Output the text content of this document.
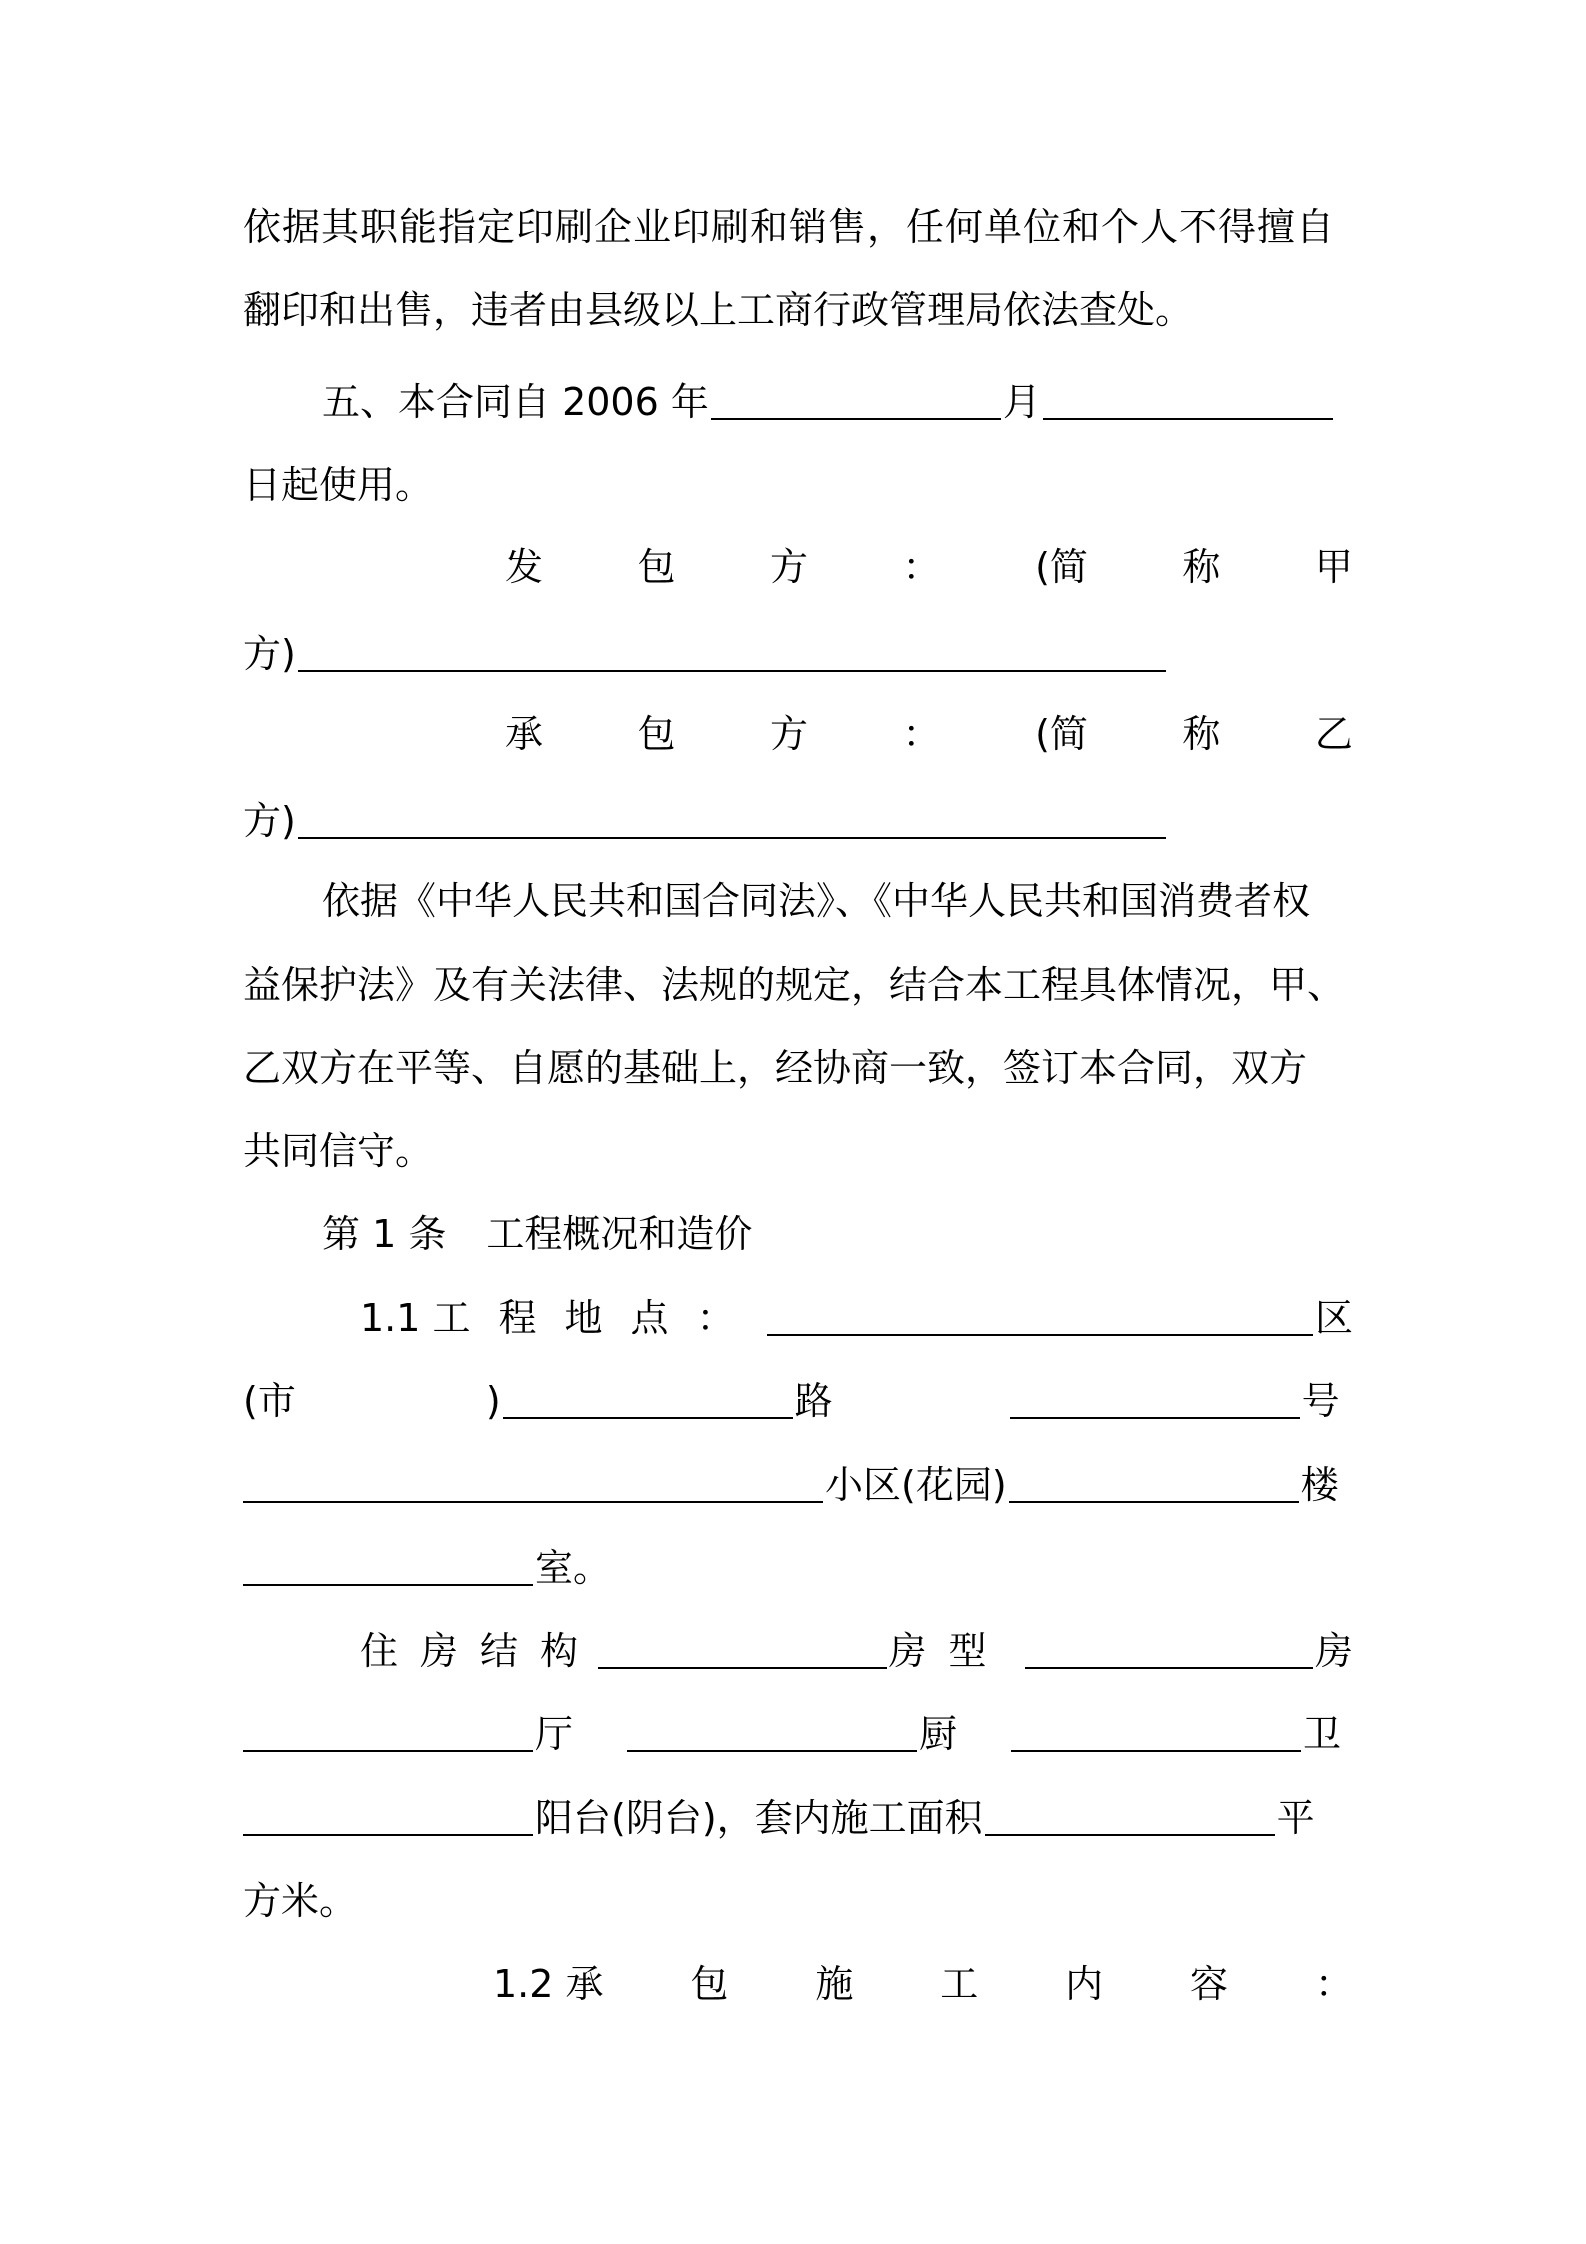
依据其职能指定印刷企业印刷和销售，任何单位和个人不得擅自
翻印和出售，违者由县级以上工商行政管理局依法查处。
五、本合同自 2006 年	月
日起使用。
发 包 方 ： (简 称 甲
方)
承 包 方 ： (简 称 乙
方)
依据《中华人民共和国合同法》、《中华人民共和国消费者权
益保护法》及有关法律、法规的规定，结合本工程具体情况，甲、
乙双方在平等、自愿的基础上，经协商一致，签订本合同，双方
共同信守。
第 1 条 工程概况和造价
1.1 工 程 地 点 ：	区
(市	)	路	号
小区(花园)	楼
室。
住 房 结 构	房 型	房
厅	厨	卫
阳台(阴台)，套内施工面积	平
方米。
1.2 承 包 施 工 内 容 ：
